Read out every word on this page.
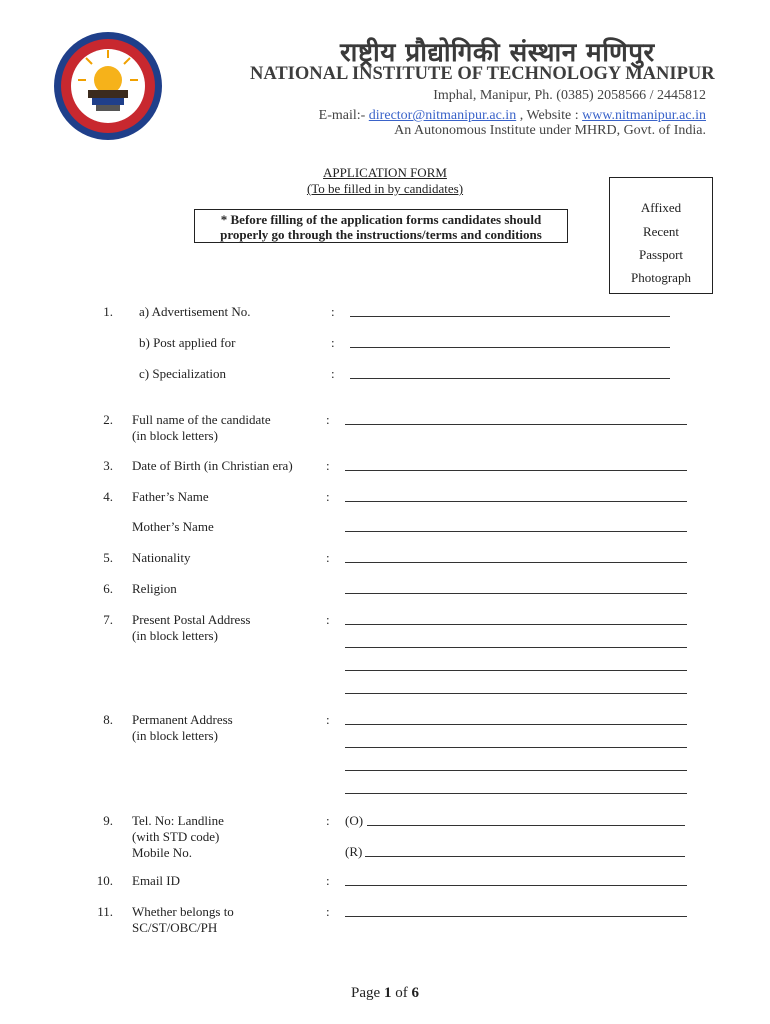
राष्ट्रीय प्रौद्योगिकी संस्थान मणिपुर
NATIONAL INSTITUTE OF TECHNOLOGY MANIPUR
Imphal, Manipur, Ph. (0385) 2058566 / 2445812
E-mail:- director@nitmanipur.ac.in , Website : www.nitmanipur.ac.in
An Autonomous Institute under MHRD, Govt. of India.
APPLICATION FORM
(To be filled in by candidates)
* Before filling of the application forms candidates should
properly go through the instructions/terms and conditions
Affixed
Recent
Passport
Photograph
1. a) Advertisement No.	:
b) Post applied for	:
c) Specialization	:
2. Full name of the candidate
(in block letters)
:
3. Date of Birth (in Christian era)	:
4. Father’s Name	:
Mother’s Name
5. Nationality	:
6. Religion
7. Present Postal Address
(in block letters)
:
8. Permanent Address
(in block letters)
:
9. Tel. No: Landline
(with STD code)
Mobile No.
: (O)
(R)
10. Email ID	:
11. Whether belongs to
SC/ST/OBC/PH
:
Page 1 of 6
